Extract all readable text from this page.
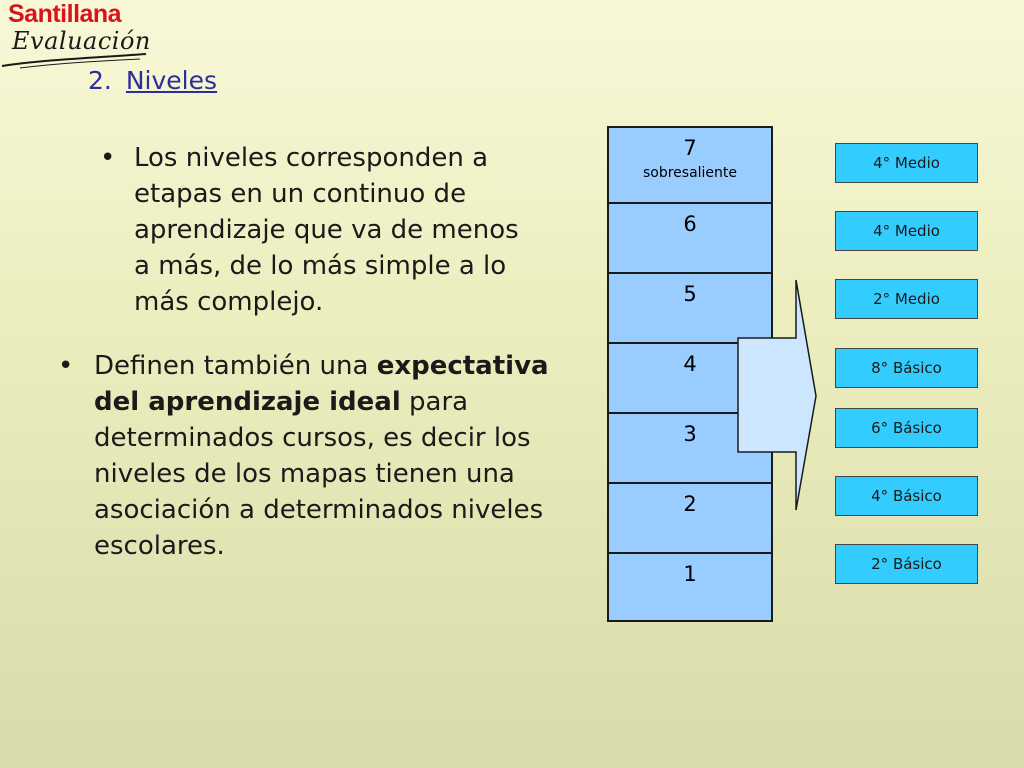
Santillana
Evaluación
2. Niveles
• Los niveles corresponden a etapas en un continuo de aprendizaje que va de menos a más, de lo más simple a lo más complejo.
• Definen también una expectativa del aprendizaje ideal para determinados cursos, es decir los niveles de los mapas tienen una asociación a determinados niveles escolares.
7
sobresaliente
6
5
4
3
2
1
4° Medio
4° Medio
2° Medio
8° Básico
6° Básico
4° Básico
2° Básico
